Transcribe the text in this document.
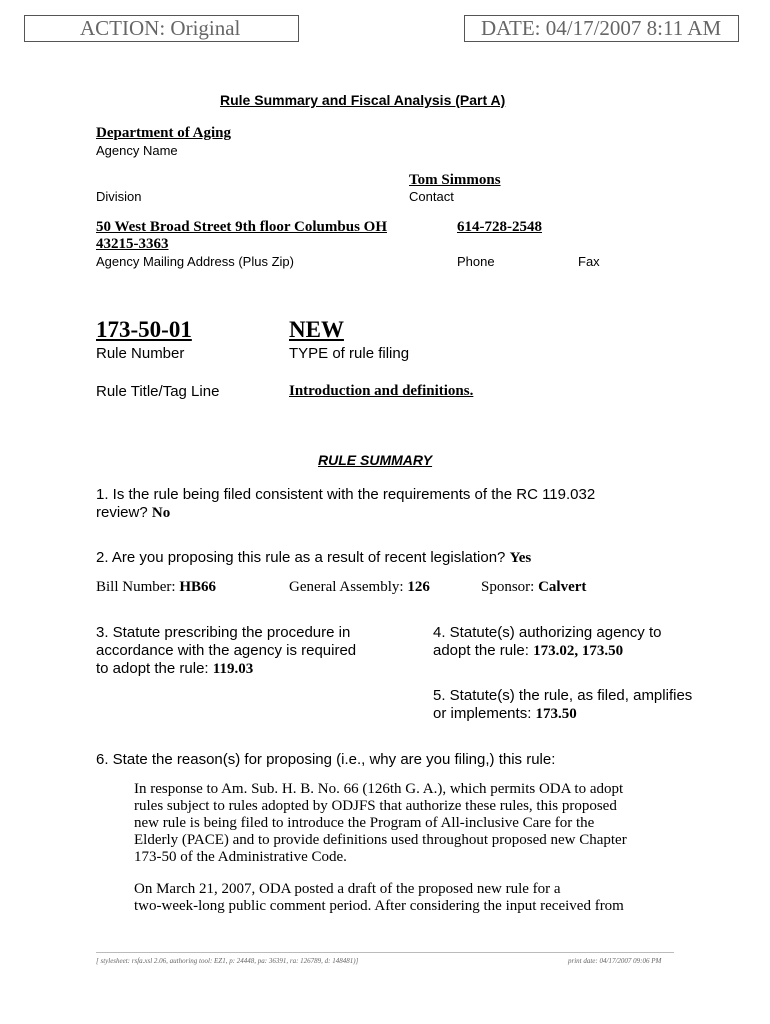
ACTION: Original	DATE: 04/17/2007 8:11 AM
Rule Summary and Fiscal Analysis (Part A)
Department of Aging
Agency Name
Tom Simmons
Division	Contact
50 West Broad Street 9th floor Columbus OH
43215-3363
614-728-2548
Agency Mailing Address (Plus Zip)	Phone	Fax
173-50-01	NEW
Rule Number	TYPE of rule filing
Rule Title/Tag Line	Introduction and definitions.
RULE SUMMARY
1. Is the rule being filed consistent with the requirements of the RC 119.032
review? No
2. Are you proposing this rule as a result of recent legislation? Yes
Bill Number: HB66	General Assembly: 126	Sponsor: Calvert
3. Statute prescribing the procedure in
accordance with the agency is required
to adopt the rule: 119.03
4. Statute(s) authorizing agency to
adopt the rule: 173.02, 173.50
5. Statute(s) the rule, as filed, amplifies
or implements: 173.50
6. State the reason(s) for proposing (i.e., why are you filing,) this rule:
In response to Am. Sub. H. B. No. 66 (126th G. A.), which permits ODA to adopt
rules subject to rules adopted by ODJFS that authorize these rules, this proposed
new rule is being filed to introduce the Program of All-inclusive Care for the
Elderly (PACE) and to provide definitions used throughout proposed new Chapter
173-50 of the Administrative Code.
On March 21, 2007, ODA posted a draft of the proposed new rule for a
two-week-long public comment period. After considering the input received from
[ stylesheet: rsfa.xsl 2.06, authoring tool: EZ1, p: 24448, pa: 36391, ra: 126789, d: 148481)]	print date: 04/17/2007 09:06 PM
